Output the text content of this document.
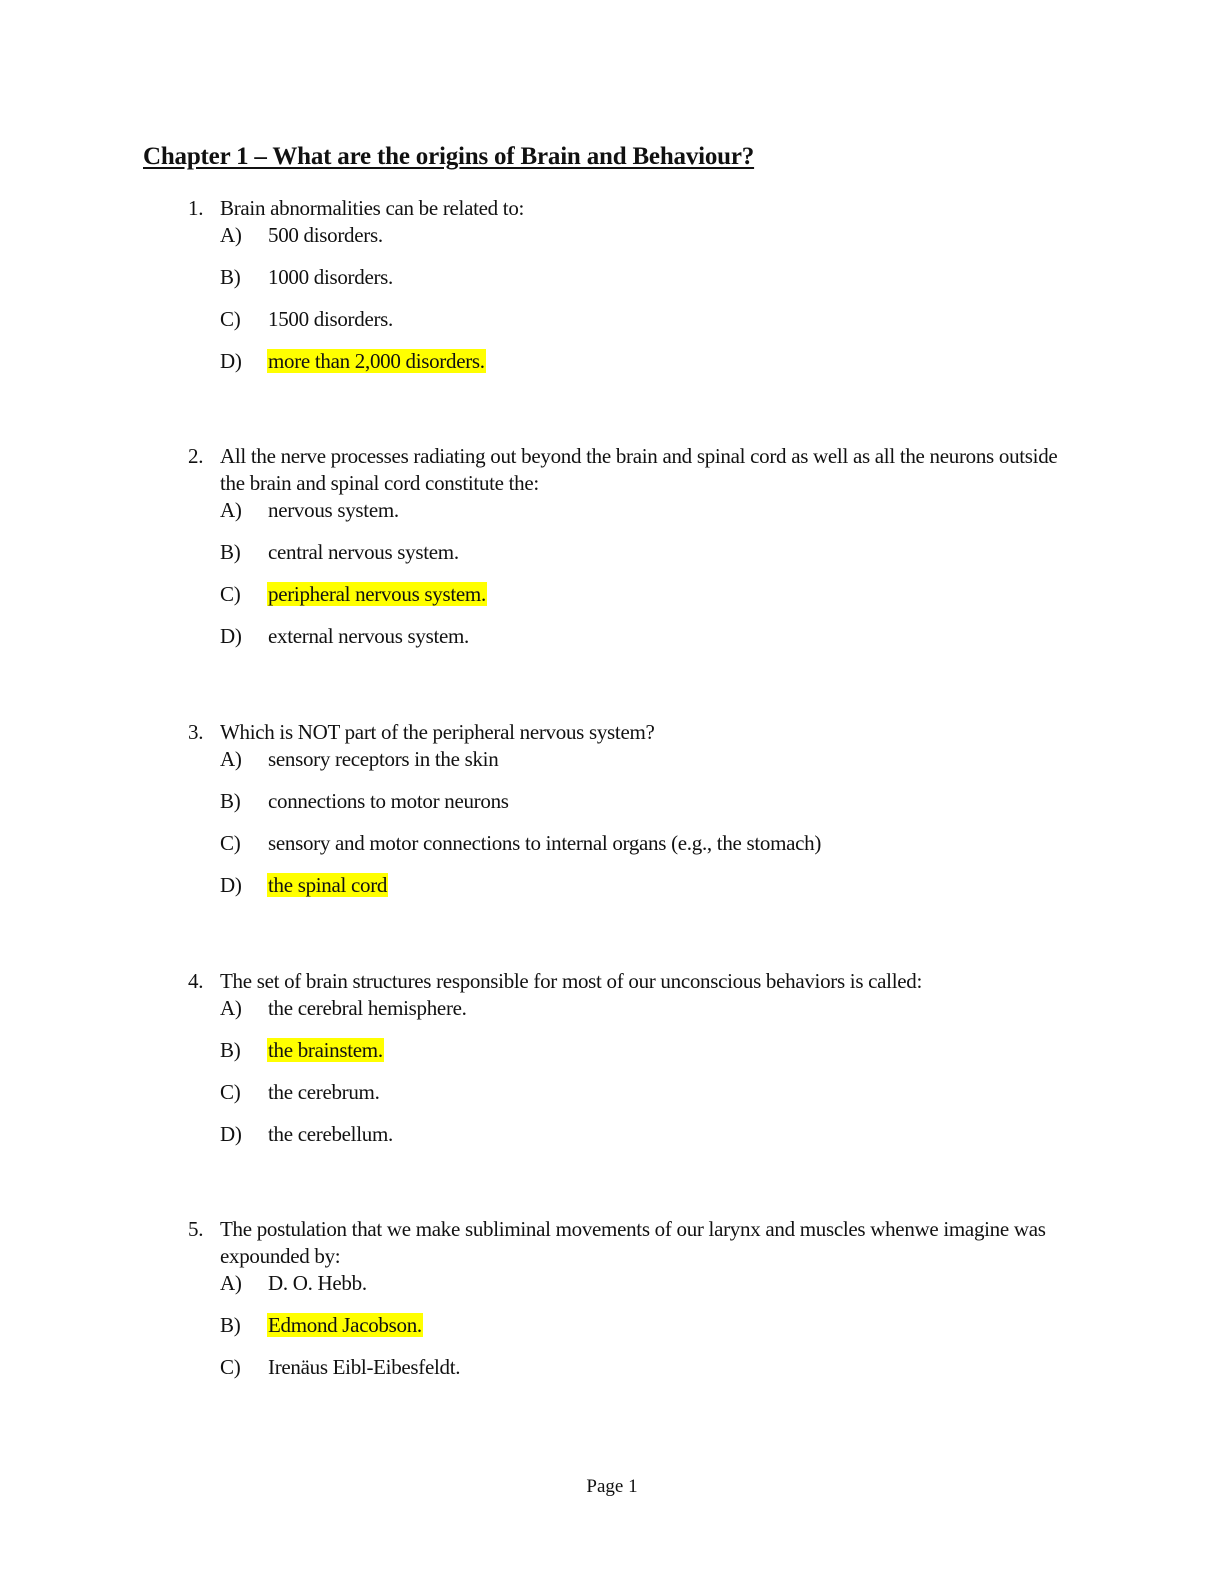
Chapter 1 – What are the origins of Brain and Behaviour?
1. Brain abnormalities can be related to:
A) 500 disorders.
B) 1000 disorders.
C) 1500 disorders.
D) more than 2,000 disorders.
2. All the nerve processes radiating out beyond the brain and spinal cord as well as all the neurons outside the brain and spinal cord constitute the:
A) nervous system.
B) central nervous system.
C) peripheral nervous system.
D) external nervous system.
3. Which is NOT part of the peripheral nervous system?
A) sensory receptors in the skin
B) connections to motor neurons
C) sensory and motor connections to internal organs (e.g., the stomach)
D) the spinal cord
4. The set of brain structures responsible for most of our unconscious behaviors is called:
A) the cerebral hemisphere.
B) the brainstem.
C) the cerebrum.
D) the cerebellum.
5. The postulation that we make subliminal movements of our larynx and muscles whenwe imagine was expounded by:
A) D. O. Hebb.
B) Edmond Jacobson.
C) Irenäus Eibl-Eibesfeldt.
Page 1
